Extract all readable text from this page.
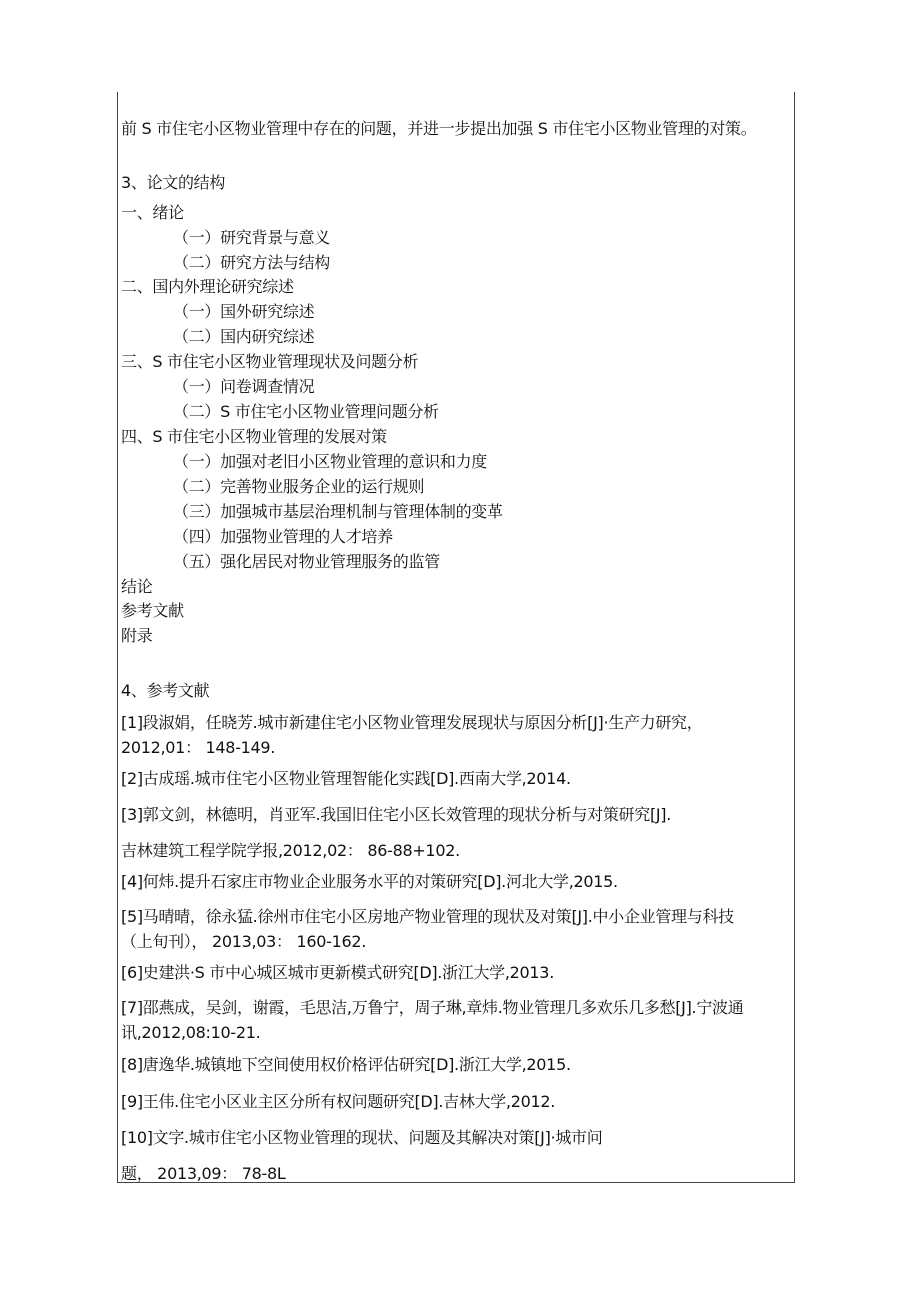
前 S 市住宅小区物业管理中存在的问题，并进一步提出加强 S 市住宅小区物业管理的对策。
3、论文的结构
一、绪论
（一）研究背景与意义
（二）研究方法与结构
二、国内外理论研究综述
（一）国外研究综述
（二）国内研究综述
三、S 市住宅小区物业管理现状及问题分析
（一）问卷调查情况
（二）S 市住宅小区物业管理问题分析
四、S 市住宅小区物业管理的发展对策
（一）加强对老旧小区物业管理的意识和力度
（二）完善物业服务企业的运行规则
（三）加强城市基层治理机制与管理体制的变革
（四）加强物业管理的人才培养
（五）强化居民对物业管理服务的监管
结论
参考文献
附录
4、参考文献
[1]段淑娟，任晓芳.城市新建住宅小区物业管理发展现状与原因分析[J]·生产力研究，
2012,01： 148-149.
[2]古成瑶.城市住宅小区物业管理智能化实践[D].西南大学,2014.
[3]郭文剑，林德明，肖亚军.我国旧住宅小区长效管理的现状分析与对策研究[J].
吉林建筑工程学院学报,2012,02： 86-88+102.
[4]何炜.提升石家庄市物业企业服务水平的对策研究[D].河北大学,2015.
[5]马晴晴，徐永猛.徐州市住宅小区房地产物业管理的现状及对策[J].中小企业管理与科技
（上旬刊）， 2013,03： 160-162.
[6]史建洪·S 市中心城区城市更新模式研究[D].浙江大学,2013.
[7]邵燕成，吴剑，谢霞，毛思洁,万鲁宁，周子琳,章炜.物业管理几多欢乐几多愁[J].宁波通
讯,2012,08:10-21.
[8]唐逸华.城镇地下空间使用权价格评估研究[D].浙江大学,2015.
[9]王伟.住宅小区业主区分所有权问题研究[D].吉林大学,2012.
[10]文字.城市住宅小区物业管理的现状、问题及其解决对策[J]·城市问
题， 2013,09： 78-8L
